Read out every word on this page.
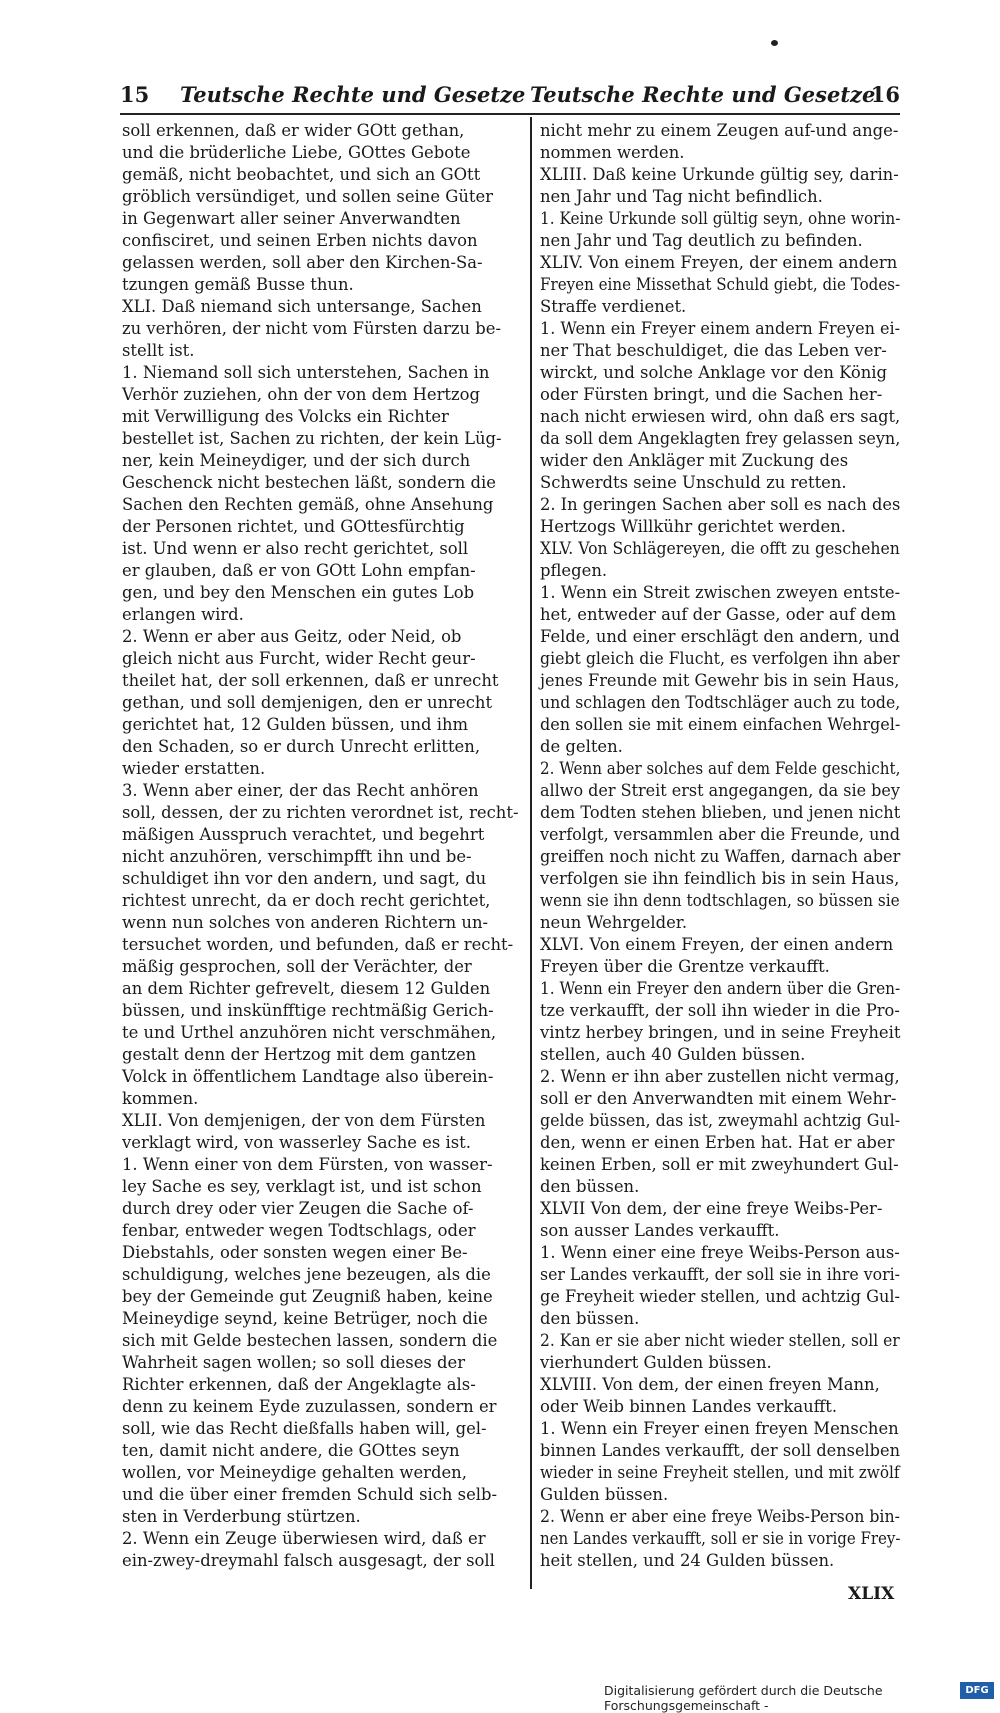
15 Teutsche Rechte und Gesetze Teutsche Rechte und Gesetze
16
soll erkennen, daß er wider GOtt gethan,
und die brüderliche Liebe, GOttes Gebote
gemäß, nicht beobachtet, und sich an GOtt
gröblich versündiget, und sollen seine Güter
in Gegenwart aller seiner Anverwandten
confisciret, und seinen Erben nichts davon
gelassen werden, soll aber den Kirchen-Sa-
tzungen gemäß Busse thun.
XLI. Daß niemand sich untersange, Sachen
zu verhören, der nicht vom Fürsten darzu be-
stellt ist.
1. Niemand soll sich unterstehen, Sachen in
Verhör zuziehen, ohn der von dem Hertzog
mit Verwilligung des Volcks ein Richter
bestellet ist, Sachen zu richten, der kein Lüg-
ner, kein Meineydiger, und der sich durch
Geschenck nicht bestechen läßt, sondern die
Sachen den Rechten gemäß, ohne Ansehung
der Personen richtet, und GOttesfürchtig
ist. Und wenn er also recht gerichtet, soll
er glauben, daß er von GOtt Lohn empfan-
gen, und bey den Menschen ein gutes Lob
erlangen wird.
2. Wenn er aber aus Geitz, oder Neid, ob
gleich nicht aus Furcht, wider Recht geur-
theilet hat, der soll erkennen, daß er unrecht
gethan, und soll demjenigen, den er unrecht
gerichtet hat, 12 Gulden büssen, und ihm
den Schaden, so er durch Unrecht erlitten,
wieder erstatten.
3. Wenn aber einer, der das Recht anhören
soll, dessen, der zu richten verordnet ist, recht-
mäßigen Ausspruch verachtet, und begehrt
nicht anzuhören, verschimpfft ihn und be-
schuldiget ihn vor den andern, und sagt, du
richtest unrecht, da er doch recht gerichtet,
wenn nun solches von anderen Richtern un-
tersuchet worden, und befunden, daß er recht-
mäßig gesprochen, soll der Verächter, der
an dem Richter gefrevelt, diesem 12 Gulden
büssen, und inskünfftige rechtmäßig Gerich-
te und Urthel anzuhören nicht verschmähen,
gestalt denn der Hertzog mit dem gantzen
Volck in öffentlichem Landtage also überein-
kommen.
XLII. Von demjenigen, der von dem Fürsten
verklagt wird, von wasserley Sache es ist.
1. Wenn einer von dem Fürsten, von wasser-
ley Sache es sey, verklagt ist, und ist schon
durch drey oder vier Zeugen die Sache of-
fenbar, entweder wegen Todtschlags, oder
Diebstahls, oder sonsten wegen einer Be-
schuldigung, welches jene bezeugen, als die
bey der Gemeinde gut Zeugniß haben, keine
Meineydige seynd, keine Betrüger, noch die
sich mit Gelde bestechen lassen, sondern die
Wahrheit sagen wollen; so soll dieses der
Richter erkennen, daß der Angeklagte als-
denn zu keinem Eyde zuzulassen, sondern er
soll, wie das Recht dießfalls haben will, gel-
ten, damit nicht andere, die GOttes seyn
wollen, vor Meineydige gehalten werden,
und die über einer fremden Schuld sich selb-
sten in Verderbung stürtzen.
2. Wenn ein Zeuge überwiesen wird, daß er
ein-zwey-dreymahl falsch ausgesagt, der soll
nicht mehr zu einem Zeugen auf-und ange-
nommen werden.
XLIII. Daß keine Urkunde gültig sey, darin-
nen Jahr und Tag nicht befindlich.
1. Keine Urkunde soll gültig seyn, ohne worin-
nen Jahr und Tag deutlich zu befinden.
XLIV. Von einem Freyen, der einem andern
Freyen eine Missethat Schuld giebt, die Todes-
Straffe verdienet.
1. Wenn ein Freyer einem andern Freyen ei-
ner That beschuldiget, die das Leben ver-
wirckt, und solche Anklage vor den König
oder Fürsten bringt, und die Sachen her-
nach nicht erwiesen wird, ohn daß ers sagt,
da soll dem Angeklagten frey gelassen seyn,
wider den Ankläger mit Zuckung des
Schwerdts seine Unschuld zu retten.
2. In geringen Sachen aber soll es nach des
Hertzogs Willkühr gerichtet werden.
XLV. Von Schlägereyen, die offt zu geschehen
pflegen.
1. Wenn ein Streit zwischen zweyen entste-
het, entweder auf der Gasse, oder auf dem
Felde, und einer erschlägt den andern, und
giebt gleich die Flucht, es verfolgen ihn aber
jenes Freunde mit Gewehr bis in sein Haus,
und schlagen den Todtschläger auch zu tode,
den sollen sie mit einem einfachen Wehrgel-
de gelten.
2. Wenn aber solches auf dem Felde geschicht,
allwo der Streit erst angegangen, da sie bey
dem Todten stehen blieben, und jenen nicht
verfolgt, versammlen aber die Freunde, und
greiffen noch nicht zu Waffen, darnach aber
verfolgen sie ihn feindlich bis in sein Haus,
wenn sie ihn denn todtschlagen, so büssen sie
neun Wehrgelder.
XLVI. Von einem Freyen, der einen andern
Freyen über die Grentze verkaufft.
1. Wenn ein Freyer den andern über die Gren-
tze verkaufft, der soll ihn wieder in die Pro-
vintz herbey bringen, und in seine Freyheit
stellen, auch 40 Gulden büssen.
2. Wenn er ihn aber zustellen nicht vermag,
soll er den Anverwandten mit einem Wehr-
gelde büssen, das ist, zweymahl achtzig Gul-
den, wenn er einen Erben hat. Hat er aber
keinen Erben, soll er mit zweyhundert Gul-
den büssen.
XLVII Von dem, der eine freye Weibs-Per-
son ausser Landes verkaufft.
1. Wenn einer eine freye Weibs-Person aus-
ser Landes verkaufft, der soll sie in ihre vori-
ge Freyheit wieder stellen, und achtzig Gul-
den büssen.
2. Kan er sie aber nicht wieder stellen, soll er
vierhundert Gulden büssen.
XLVIII. Von dem, der einen freyen Mann,
oder Weib binnen Landes verkaufft.
1. Wenn ein Freyer einen freyen Menschen
binnen Landes verkaufft, der soll denselben
wieder in seine Freyheit stellen, und mit zwölf
Gulden büssen.
2. Wenn er aber eine freye Weibs-Person bin-
nen Landes verkaufft, soll er sie in vorige Frey-
heit stellen, und 24 Gulden büssen.
XLIX
Digitalisierung gefördert durch die Deutsche Forschungsgemeinschaft -
DFG
